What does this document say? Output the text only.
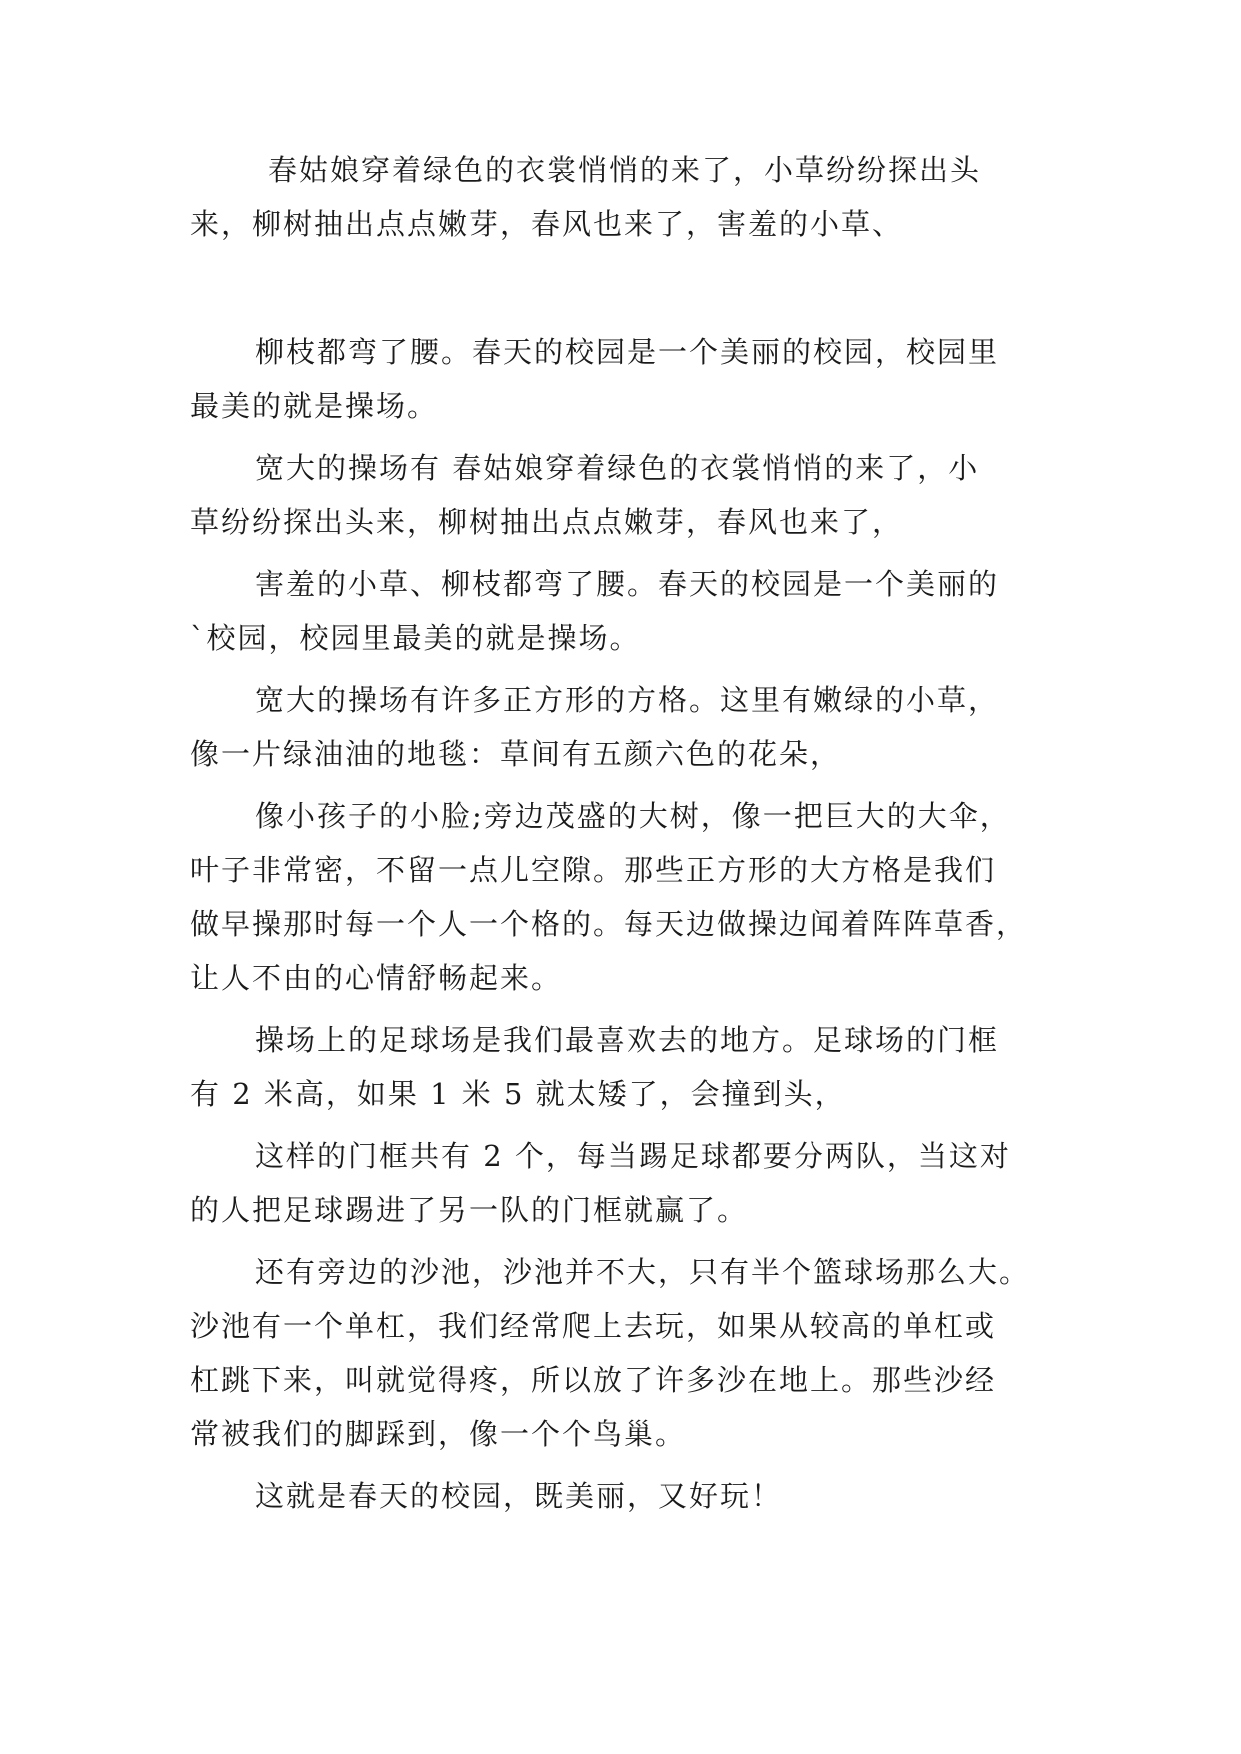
春姑娘穿着绿色的衣裳悄悄的来了，小草纷纷探出头

来，柳树抽出点点嫩芽，春风也来了，害羞的小草、

柳枝都弯了腰。春天的校园是一个美丽的校园，校园里

最美的就是操场。

宽大的操场有 春姑娘穿着绿色的衣裳悄悄的来了，小

草纷纷探出头来，柳树抽出点点嫩芽，春风也来了，

害羞的小草、柳枝都弯了腰。春天的校园是一个美丽的

`校园，校园里最美的就是操场。

宽大的操场有许多正方形的方格。这里有嫩绿的小草，

像一片绿油油的地毯：草间有五颜六色的花朵，

像小孩子的小脸;旁边茂盛的大树，像一把巨大的大伞，

叶子非常密，不留一点儿空隙。那些正方形的大方格是我们

做早操那时每一个人一个格的。每天边做操边闻着阵阵草香，

让人不由的心情舒畅起来。

操场上的足球场是我们最喜欢去的地方。足球场的门框

有 2 米高，如果 1 米 5 就太矮了，会撞到头，

这样的门框共有 2 个，每当踢足球都要分两队，当这对

的人把足球踢进了另一队的门框就赢了。

还有旁边的沙池，沙池并不大，只有半个篮球场那么大。

沙池有一个单杠，我们经常爬上去玩，如果从较高的单杠或

杠跳下来，叫就觉得疼，所以放了许多沙在地上。那些沙经

常被我们的脚踩到，像一个个鸟巢。

这就是春天的校园，既美丽，又好玩！
